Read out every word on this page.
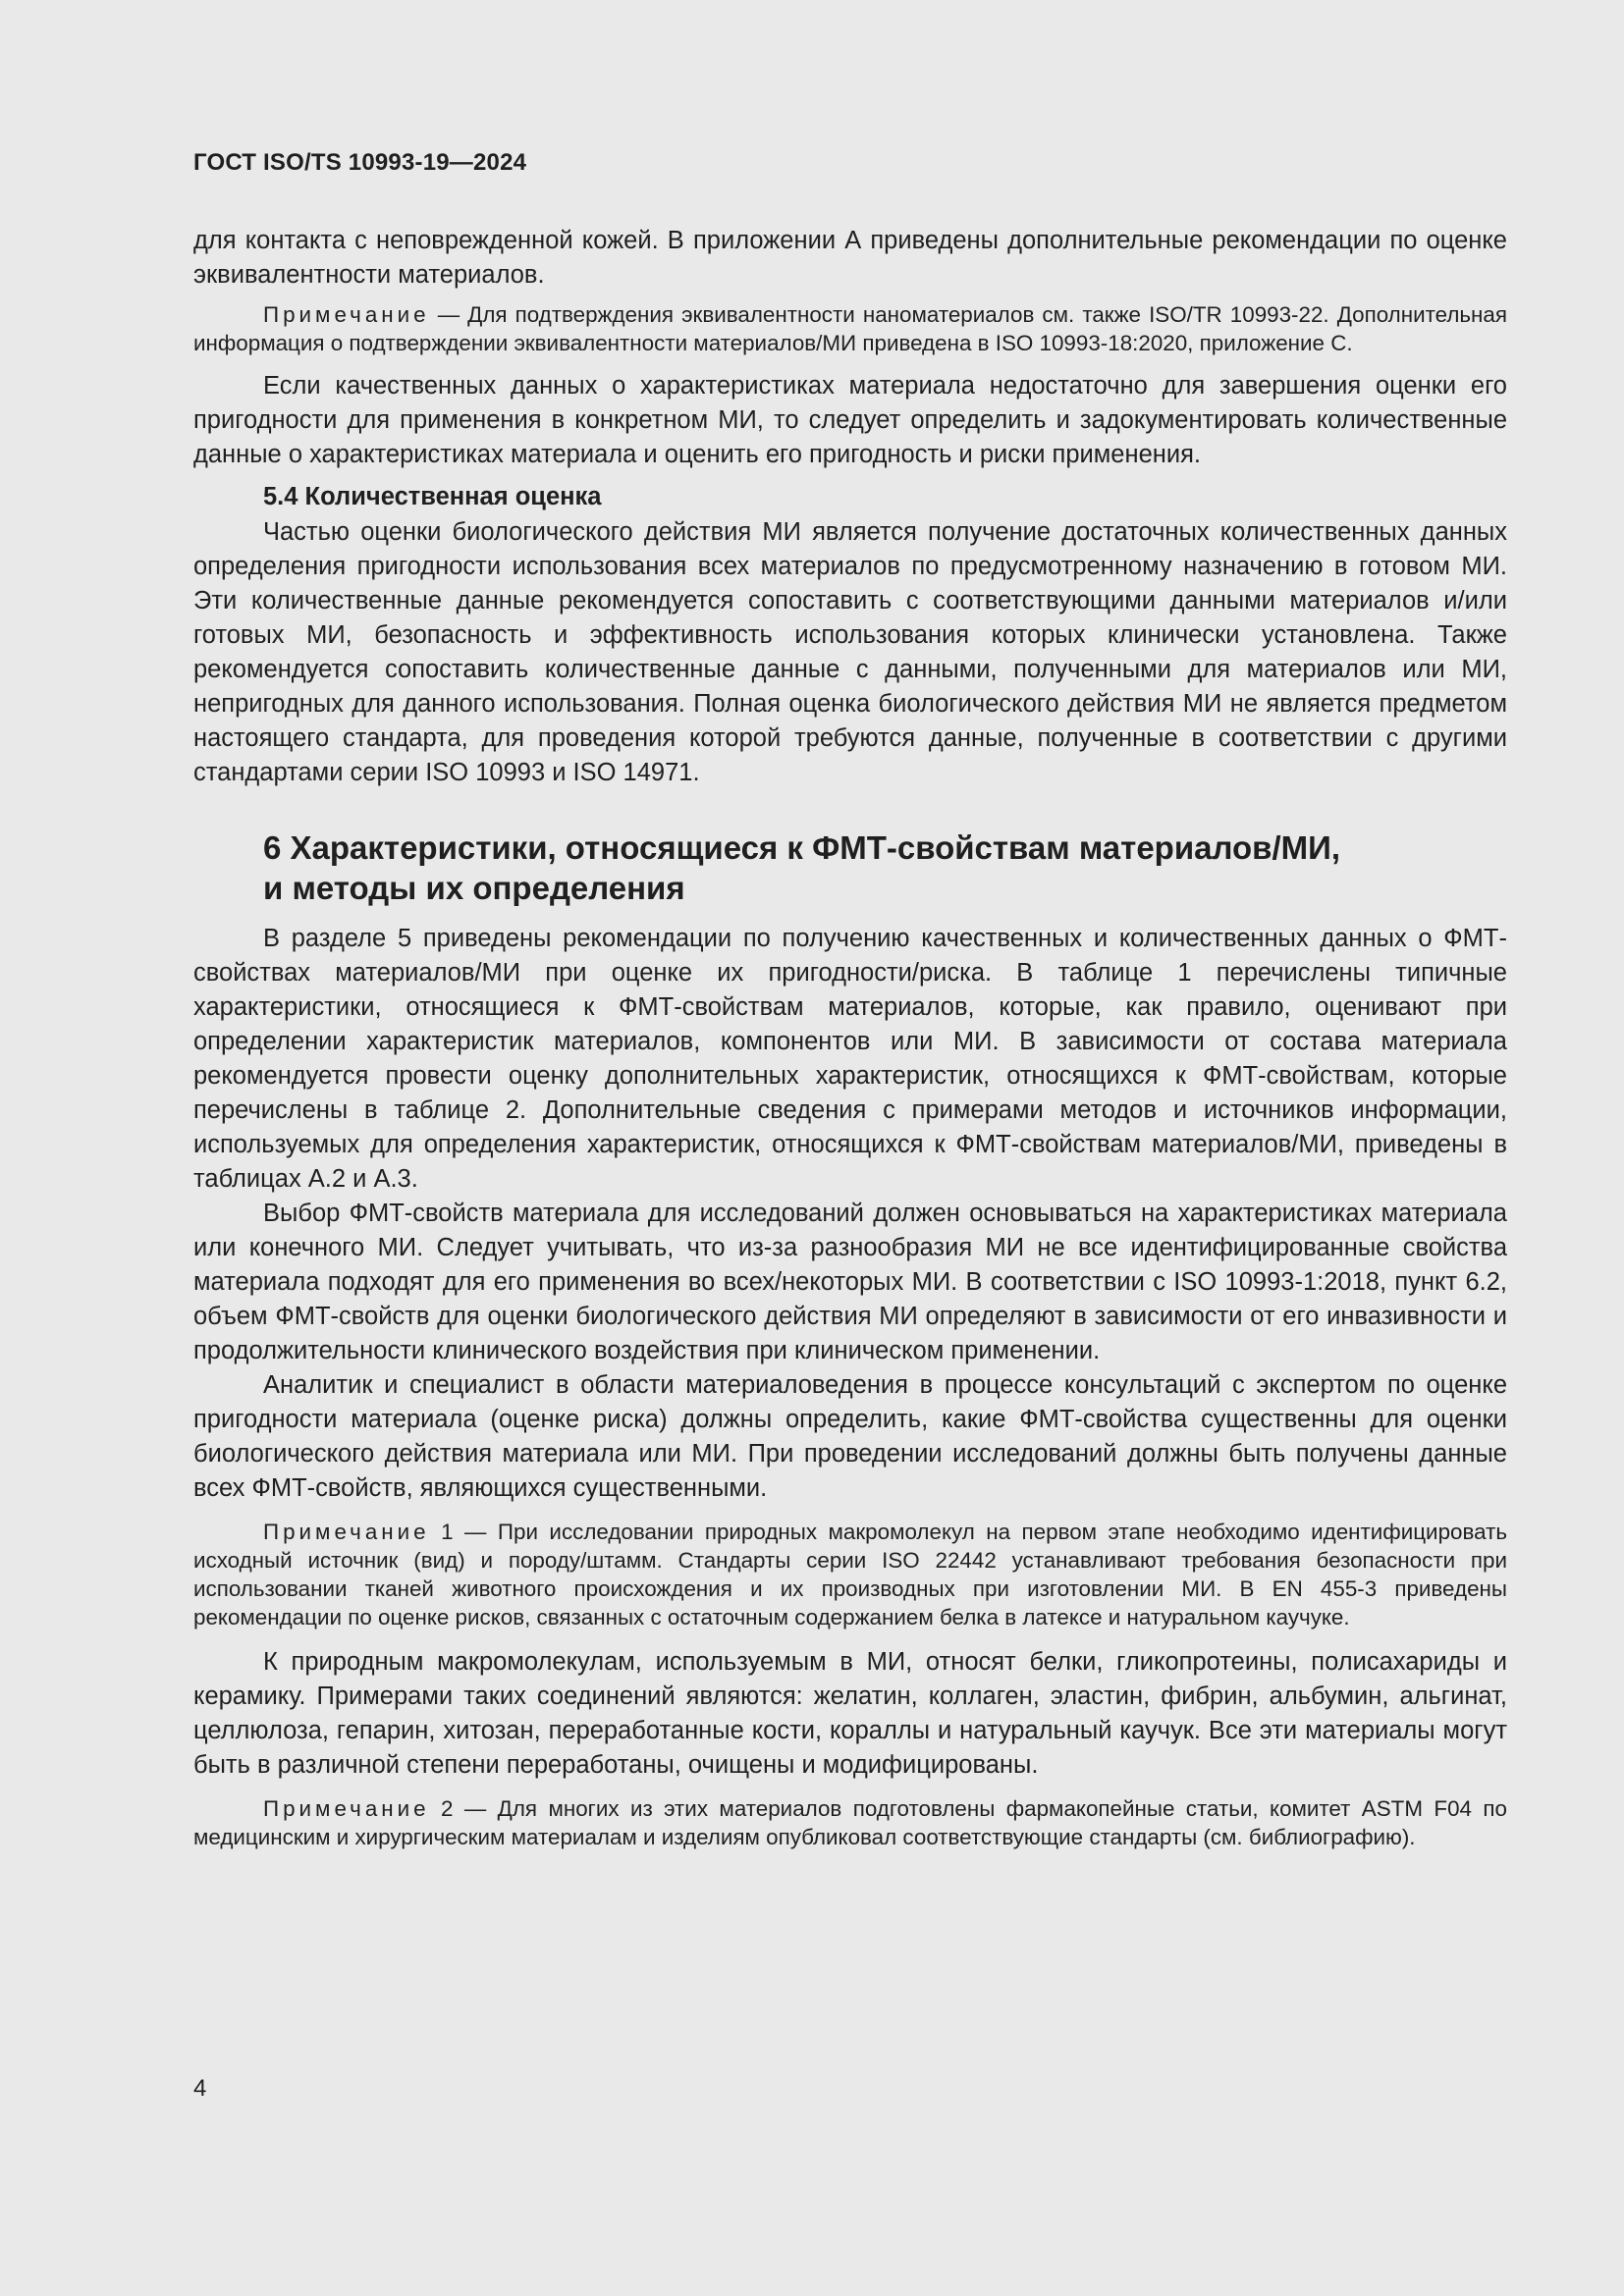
ГОСТ ISO/TS 10993-19—2024

для контакта с неповрежденной кожей. В приложении А приведены дополнительные рекомендации по оценке эквивалентности материалов.

Примечание — Для подтверждения эквивалентности наноматериалов см. также ISO/TR 10993-22. Дополнительная информация о подтверждении эквивалентности материалов/МИ приведена в ISO 10993-18:2020, приложение C.

Если качественных данных о характеристиках материала недостаточно для завершения оценки его пригодности для применения в конкретном МИ, то следует определить и задокументировать количественные данные о характеристиках материала и оценить его пригодность и риски применения.

5.4 Количественная оценка

Частью оценки биологического действия МИ является получение достаточных количественных данных определения пригодности использования всех материалов по предусмотренному назначению в готовом МИ. Эти количественные данные рекомендуется сопоставить с соответствующими данными материалов и/или готовых МИ, безопасность и эффективность использования которых клинически установлена. Также рекомендуется сопоставить количественные данные с данными, полученными для материалов или МИ, непригодных для данного использования. Полная оценка биологического действия МИ не является предметом настоящего стандарта, для проведения которой требуются данные, полученные в соответствии с другими стандартами серии ISO 10993 и ISO 14971.

6 Характеристики, относящиеся к ФМТ-свойствам материалов/МИ,

и методы их определения

В разделе 5 приведены рекомендации по получению качественных и количественных данных о ФМТ-свойствах материалов/МИ при оценке их пригодности/риска. В таблице 1 перечислены типичные характеристики, относящиеся к ФМТ-свойствам материалов, которые, как правило, оценивают при определении характеристик материалов, компонентов или МИ. В зависимости от состава материала рекомендуется провести оценку дополнительных характеристик, относящихся к ФМТ-свойствам, которые перечислены в таблице 2. Дополнительные сведения с примерами методов и источников информации, используемых для определения характеристик, относящихся к ФМТ-свойствам материалов/МИ, приведены в таблицах А.2 и А.3.

Выбор ФМТ-свойств материала для исследований должен основываться на характеристиках материала или конечного МИ. Следует учитывать, что из-за разнообразия МИ не все идентифицированные свойства материала подходят для его применения во всех/некоторых МИ. В соответствии с ISO 10993-1:2018, пункт 6.2, объем ФМТ-свойств для оценки биологического действия МИ определяют в зависимости от его инвазивности и продолжительности клинического воздействия при клиническом применении.

Аналитик и специалист в области материаловедения в процессе консультаций с экспертом по оценке пригодности материала (оценке риска) должны определить, какие ФМТ-свойства существенны для оценки биологического действия материала или МИ. При проведении исследований должны быть получены данные всех ФМТ-свойств, являющихся существенными.

Примечание 1 — При исследовании природных макромолекул на первом этапе необходимо идентифицировать исходный источник (вид) и породу/штамм. Стандарты серии ISO 22442 устанавливают требования безопасности при использовании тканей животного происхождения и их производных при изготовлении МИ. В EN 455-3 приведены рекомендации по оценке рисков, связанных с остаточным содержанием белка в латексе и натуральном каучуке.

К природным макромолекулам, используемым в МИ, относят белки, гликопротеины, полисахариды и керамику. Примерами таких соединений являются: желатин, коллаген, эластин, фибрин, альбумин, альгинат, целлюлоза, гепарин, хитозан, переработанные кости, кораллы и натуральный каучук. Все эти материалы могут быть в различной степени переработаны, очищены и модифицированы.

Примечание 2 — Для многих из этих материалов подготовлены фармакопейные статьи, комитет ASTM F04 по медицинским и хирургическим материалам и изделиям опубликовал соответствующие стандарты (см. библиографию).

4
